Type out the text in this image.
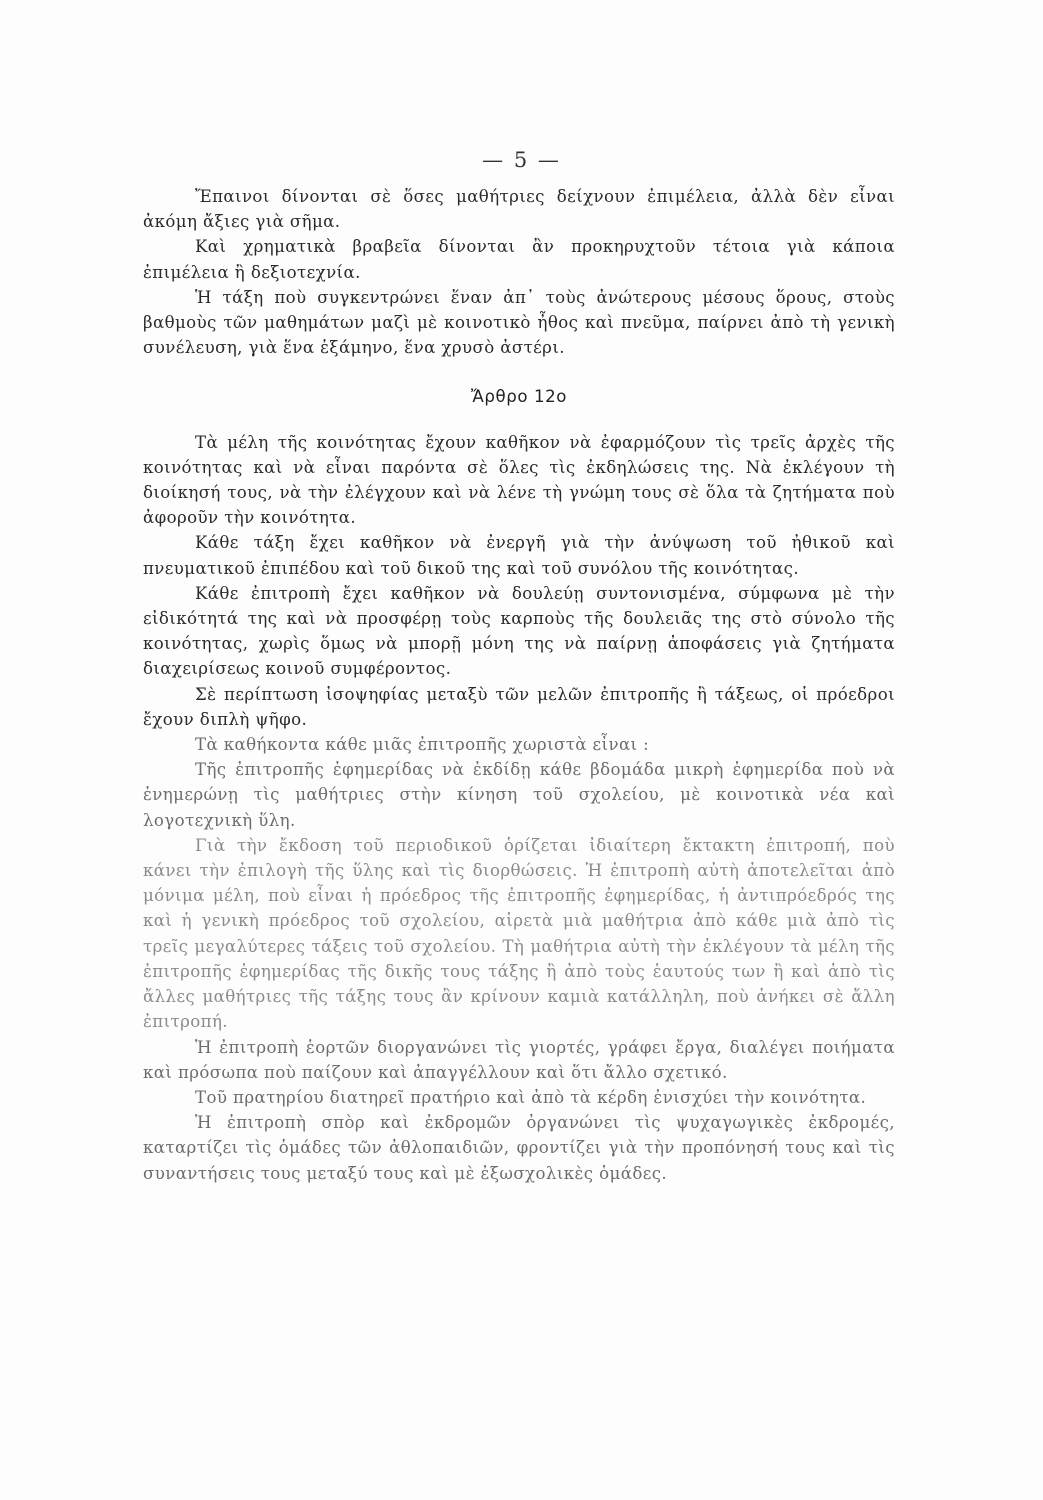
— 5 —

Ἔπαινοι δίνονται σὲ ὅσες μαθήτριες δείχνουν ἐπιμέλεια, ἀλλὰ δὲν εἶναι ἀκόμη ἄξιες γιὰ σῆμα.

Καὶ χρηματικὰ βραβεῖα δίνονται ἂν προκηρυχτοῦν τέτοια γιὰ κάποια ἐπιμέλεια ἢ δεξιοτεχνία.

Ἡ τάξη ποὺ συγκεντρώνει ἕναν ἀπ᾽ τοὺς ἀνώτερους μέσους ὅρους, στοὺς βαθμοὺς τῶν μαθημάτων μαζὶ μὲ κοινοτικὸ ἦθος καὶ πνεῦμα, παίρνει ἀπὸ τὴ γενικὴ συνέλευση, γιὰ ἕνα ἑξάμηνο, ἕνα χρυσὸ ἀστέρι.

Ἄρθρο 12ο

Τὰ μέλη τῆς κοινότητας ἔχουν καθῆκον νὰ ἐφαρμόζουν τὶς τρεῖς ἀρχὲς τῆς κοινότητας καὶ νὰ εἶναι παρόντα σὲ ὅλες τὶς ἐκδηλώσεις της. Νὰ ἐκλέγουν τὴ διοίκησή τους, νὰ τὴν ἐλέγχουν καὶ νὰ λένε τὴ γνώμη τους σὲ ὅλα τὰ ζητήματα ποὺ ἀφοροῦν τὴν κοινότητα.

Κάθε τάξη ἔχει καθῆκον νὰ ἐνεργῆ γιὰ τὴν ἀνύψωση τοῦ ἠθικοῦ καὶ πνευματικοῦ ἐπιπέδου καὶ τοῦ δικοῦ της καὶ τοῦ συνόλου τῆς κοινότητας.

Κάθε ἐπιτροπὴ ἔχει καθῆκον νὰ δουλεύῃ συντονισμένα, σύμφωνα μὲ τὴν εἰδικότητά της καὶ νὰ προσφέρῃ τοὺς καρποὺς τῆς δουλειᾶς της στὸ σύνολο τῆς κοινότητας, χωρὶς ὅμως νὰ μπορῇ μόνη της νὰ παίρνῃ ἀποφάσεις γιὰ ζητήματα διαχειρίσεως κοινοῦ συμφέροντος.

Σὲ περίπτωση ἰσοψηφίας μεταξὺ τῶν μελῶν ἐπιτροπῆς ἢ τάξεως, οἱ πρόεδροι ἔχουν διπλὴ ψῆφο.

Τὰ καθήκοντα κάθε μιᾶς ἐπιτροπῆς χωριστὰ εἶναι :

Τῆς ἐπιτροπῆς ἐφημερίδας νὰ ἐκδίδῃ κάθε βδομάδα μικρὴ ἐφημερίδα ποὺ νὰ ἐνημερώνῃ τὶς μαθήτριες στὴν κίνηση τοῦ σχολείου, μὲ κοινοτικὰ νέα καὶ λογοτεχνικὴ ὕλη.

Γιὰ τὴν ἔκδοση τοῦ περιοδικοῦ ὁρίζεται ἰδιαίτερη ἔκτακτη ἐπιτροπή, ποὺ κάνει τὴν ἐπιλογὴ τῆς ὕλης καὶ τὶς διορθώσεις. Ἡ ἐπιτροπὴ αὐτὴ ἀποτελεῖται ἀπὸ μόνιμα μέλη, ποὺ εἶναι ἡ πρόεδρος τῆς ἐπιτροπῆς ἐφημερίδας, ἡ ἀντιπρόεδρός της καὶ ἡ γενικὴ πρόεδρος τοῦ σχολείου, αἱρετὰ μιὰ μαθήτρια ἀπὸ κάθε μιὰ ἀπὸ τὶς τρεῖς μεγαλύτερες τάξεις τοῦ σχολείου. Τὴ μαθήτρια αὐτὴ τὴν ἐκλέγουν τὰ μέλη τῆς ἐπιτροπῆς ἐφημερίδας τῆς δικῆς τους τάξης ἢ ἀπὸ τοὺς ἑαυτούς των ἢ καὶ ἀπὸ τὶς ἄλλες μαθήτριες τῆς τάξης τους ἂν κρίνουν καμιὰ κατάλληλη, ποὺ ἀνήκει σὲ ἄλλη ἐπιτροπή.

Ἡ ἐπιτροπὴ ἑορτῶν διοργανώνει τὶς γιορτές, γράφει ἔργα, διαλέγει ποιήματα καὶ πρόσωπα ποὺ παίζουν καὶ ἀπαγγέλλουν καὶ ὅτι ἄλλο σχετικό.

Τοῦ πρατηρίου διατηρεῖ πρατήριο καὶ ἀπὸ τὰ κέρδη ἐνισχύει τὴν κοινότητα.

Ἡ ἐπιτροπὴ σπὸρ καὶ ἐκδρομῶν ὀργανώνει τὶς ψυχαγωγικὲς ἐκδρομές, καταρτίζει τὶς ὁμάδες τῶν ἀθλοπαιδιῶν, φροντίζει γιὰ τὴν προπόνησή τους καὶ τὶς συναντήσεις τους μεταξύ τους καὶ μὲ ἐξωσχολικὲς ὁμάδες.
